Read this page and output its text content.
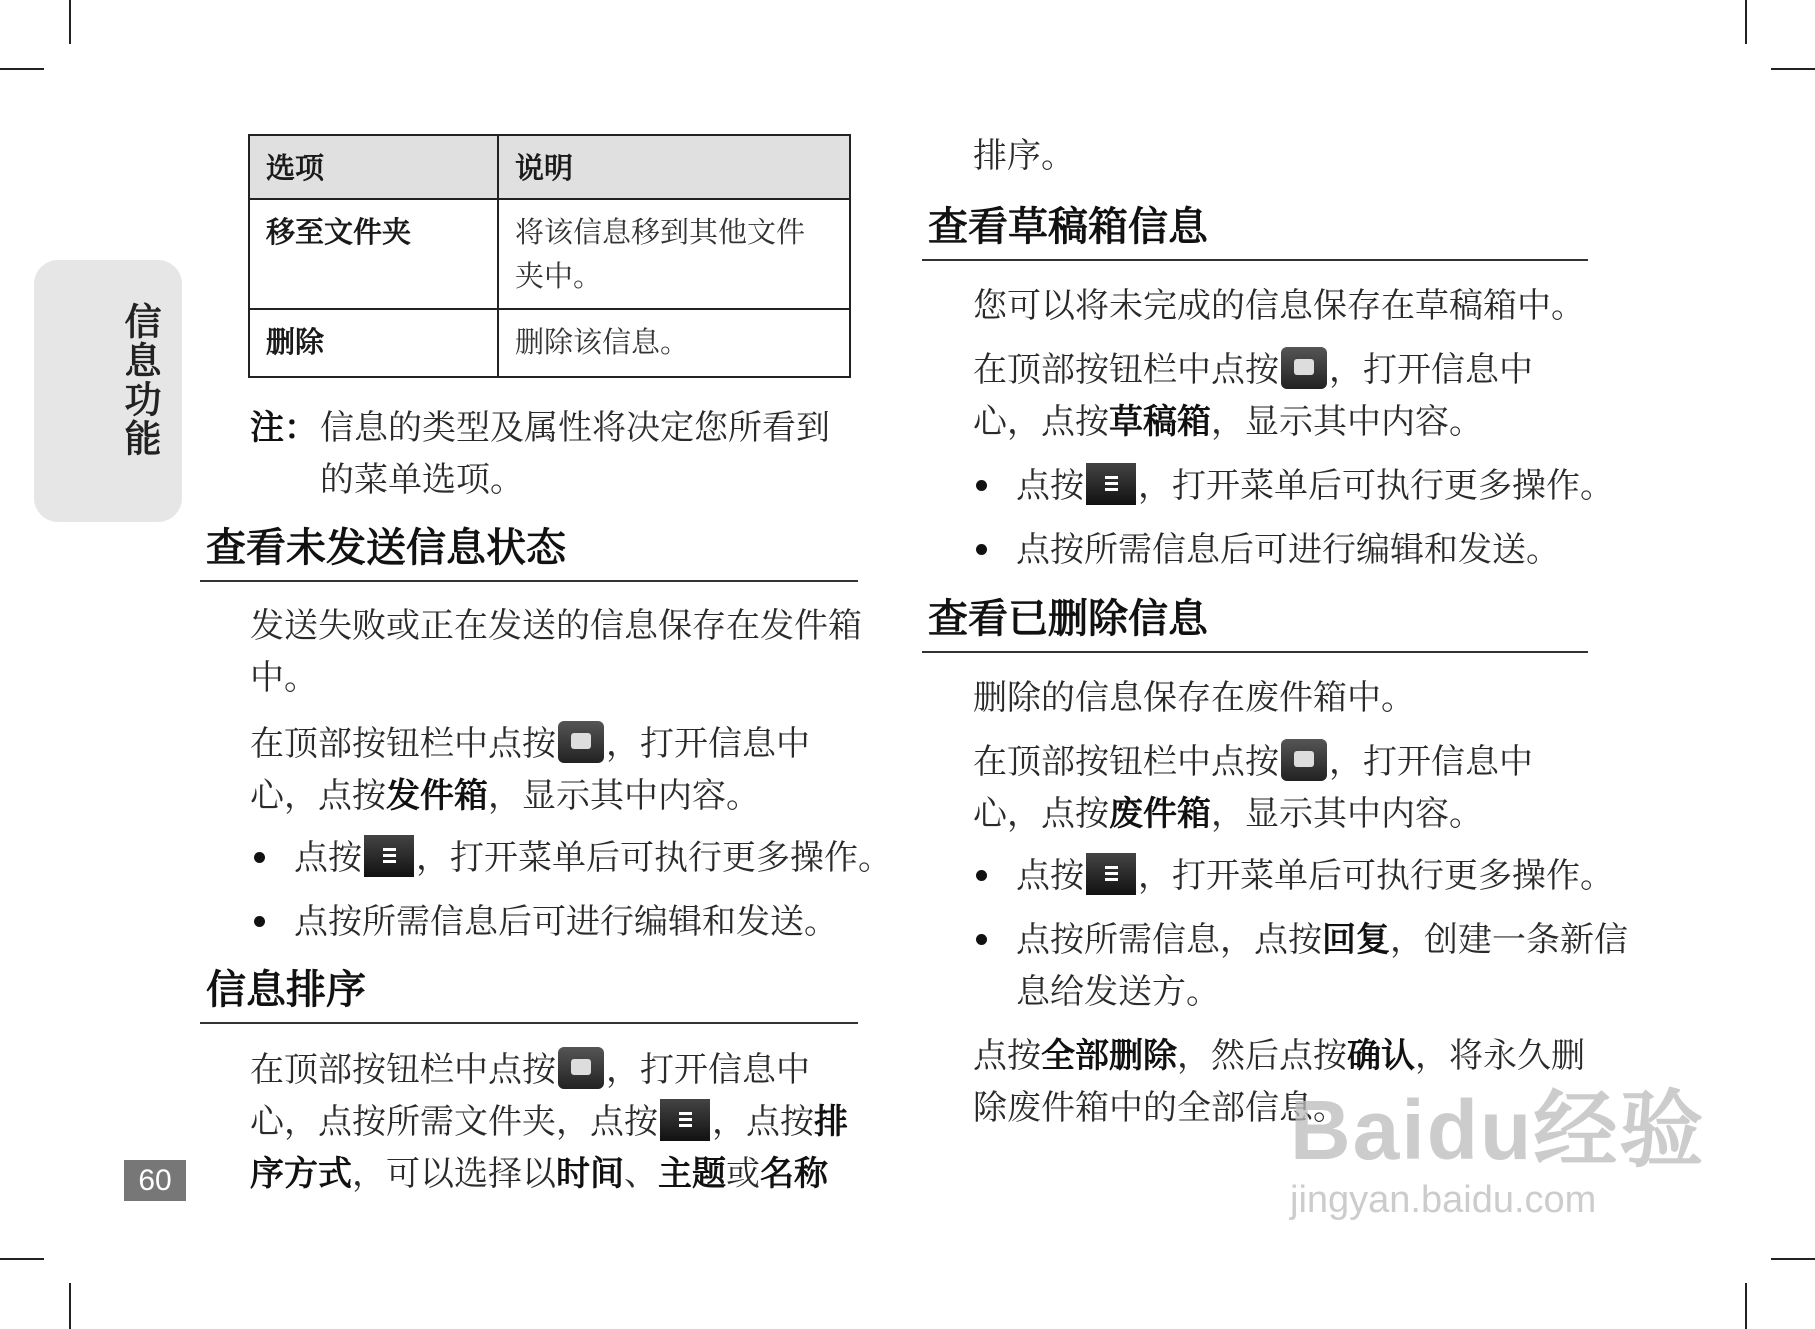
信息功能
60
选项	说明
移至文件夹	将该信息移到其他文件夹中。
删除	删除该信息。
注： 信息的类型及属性将决定您所看到的菜单选项。
查看未发送信息状态
发送失败或正在发送的信息保存在发件箱中。
在顶部按钮栏中点按 ，打开信息中心，点按发件箱，显示其中内容。
点按 ，打开菜单后可执行更多操作。
点按所需信息后可进行编辑和发送。
信息排序
在顶部按钮栏中点按 ，打开信息中心，点按所需文件夹，点按 ，点按排序方式，可以选择以时间、主题或名称
排序。
查看草稿箱信息
您可以将未完成的信息保存在草稿箱中。
在顶部按钮栏中点按 ，打开信息中心，点按草稿箱，显示其中内容。
点按 ，打开菜单后可执行更多操作。
点按所需信息后可进行编辑和发送。
查看已删除信息
删除的信息保存在废件箱中。
在顶部按钮栏中点按 ，打开信息中心，点按废件箱，显示其中内容。
点按 ，打开菜单后可执行更多操作。
点按所需信息，点按回复，创建一条新信息给发送方。
点按全部删除，然后点按确认，将永久删除废件箱中的全部信息。
Baidu经验
jingyan.baidu.com
